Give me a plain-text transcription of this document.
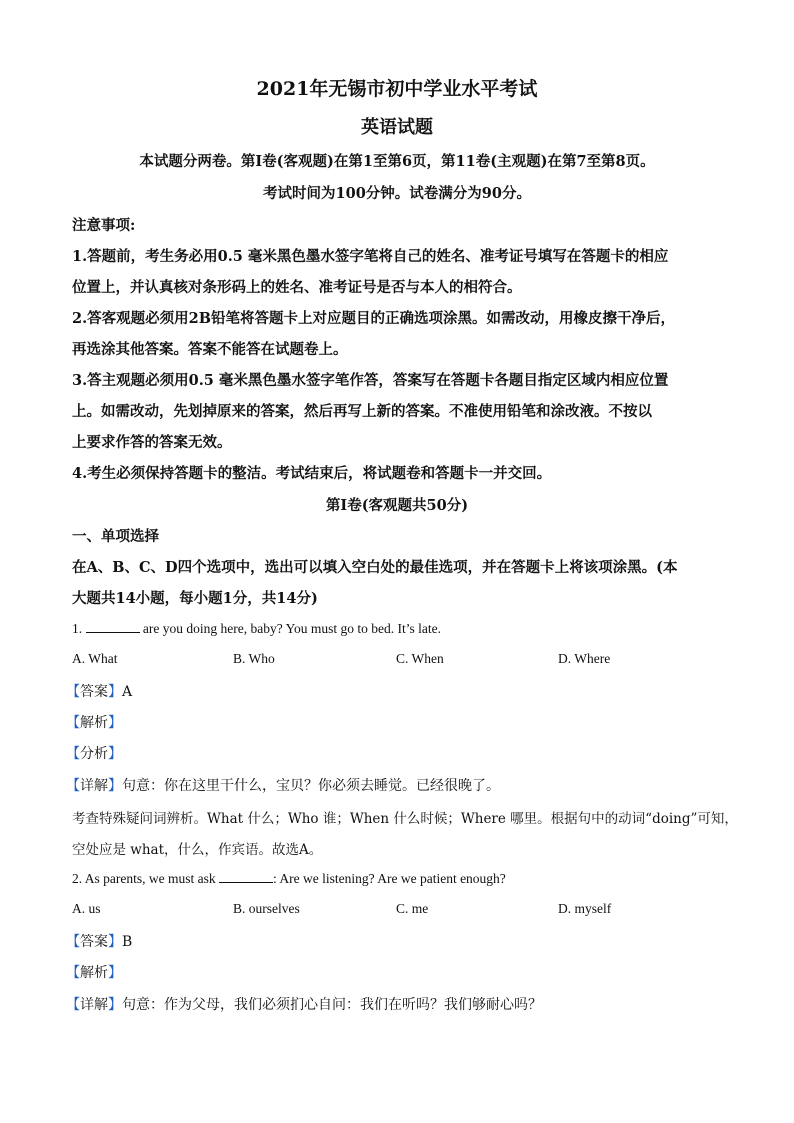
2021年无锡市初中学业水平考试
英语试题
本试题分两卷。第Ⅰ卷(客观题)在第1至第6页，第11卷(主观题)在第7至第8页。
考试时间为100分钟。试卷满分为90分。
注意事项:
1.答题前，考生务必用0.5 毫米黑色墨水签字笔将自己的姓名、准考证号填写在答题卡的相应
位置上，并认真核对条形码上的姓名、准考证号是否与本人的相符合。
2.答客观题必须用2B铅笔将答题卡上对应题目的正确选项涂黑。如需改动，用橡皮擦干净后，
再选涂其他答案。答案不能答在试题卷上。
3.答主观题必须用0.5 毫米黑色墨水签字笔作答，答案写在答题卡各题目指定区域内相应位置
上。如需改动，先划掉原来的答案，然后再写上新的答案。不准使用铅笔和涂改液。不按以
上要求作答的答案无效。
4.考生必须保持答题卡的整洁。考试结束后，将试题卷和答题卡一并交回。
第Ⅰ卷(客观题共50分)
一、单项选择
在A、B、C、D四个选项中，选出可以填入空白处的最佳选项，并在答题卡上将该项涂黑。(本
大题共14小题，每小题1分，共14分)
1.	are you doing here, baby? You must go to bed. It’s late.
A. What	B. Who	C. When	D. Where
【答案】A
【解析】
【分析】
【详解】句意：你在这里干什么，宝贝？你必须去睡觉。已经很晚了。
考查特殊疑问词辨析。What 什么；Who 谁；When 什么时候；Where 哪里。根据句中的动词“doing”可知，
空处应是 what，什么，作宾语。故选A。
2. As parents, we must ask	: Are we listening? Are we patient enough?
A. us	B. ourselves	C. me	D. myself
【答案】B
【解析】
【详解】句意：作为父母，我们必须扪心自问：我们在听吗？我们够耐心吗？
